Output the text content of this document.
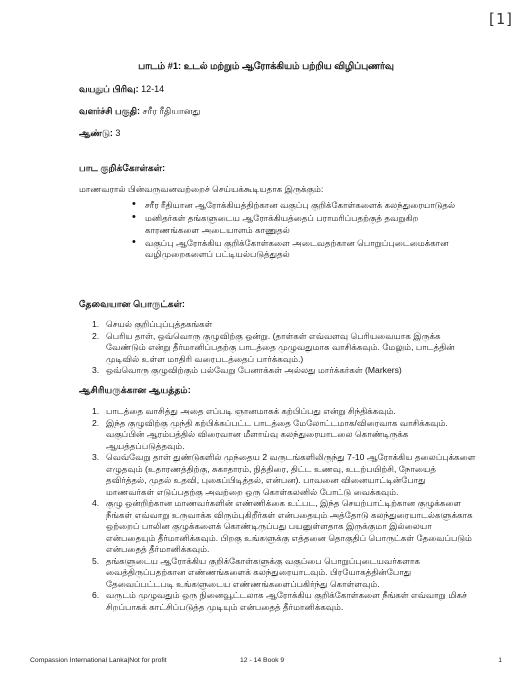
[1]
பாடம் #1: உடல் மற்றும் ஆரோக்கியம் பற்றிய விழிப்புணர்வு
வயதுப் பிரிவு: 12-14
வளர்ச்சி பகுதி: சரீர ரீதியானது
ஆண்டு: 3
பாட குறிக்கோள்கள்:
மாணவரால் பின்வருவனவற்றைச் செய்யக்கூடியதாக இருக்கும்:
• சரீர ரீதியான ஆரோக்கியத்திற்கான வகுப்பு குறிக்கோள்களைக் கலந்துரையாடுதல்
• மனிதர்கள் தங்களுடைய ஆரோக்கியத்தைப் பராமரிப்பதற்குத் தவறுகிற காரணங்களை அடையாளம் காணுதல்
• வகுப்பு ஆரோக்கிய குறிக்கோள்களை அடைவதற்கான பொறுப்புடைமைக்கான வழிமுறைகளைப் பட்டியல்படுத்துதல்
தேவையான பொருட்கள்:
1. செயல் குறிப்புப்புத்தகங்கள்
2. பெரிய தாள், ஒவ்வொரு குழுவிற்கு ஒன்று. (தாள்கள் எவ்வளவு பெரியவையாக இருக்க வேண்டும் என்று தீர்மானிப்பதற்கு பாடத்தை முழுவதுமாக வாசிக்கவும். மேலும், பாடத்தின் முடிவில் உள்ள மாதிரி வரைபடத்தைப் பார்க்கவும்.)
3. ஒவ்வொரு குழுவிற்கும் பல்வேறு பேனாக்கள் அல்லது மார்க்கர்கள் (Markers)
ஆசிரியருக்கான ஆயத்தம்:
1. பாடத்தை வாசித்து அதை எப்படி ஞானமாகக் கற்பிப்பது என்று சிந்திக்கவும்.
2. இந்த குழுவிற்கு முந்தி கற்பிக்கப்பட்ட பாடத்தை மேலோட்டமாக/விரைவாக வாசிக்கவும். வகுப்பின் ஆரம்பத்தில் விரைவான மீளாய்வு கலந்துரையாடலை கொண்டிருக்க ஆயத்தப்படுத்தவும்.
3. வெவ்வேறு தாள் துண்டுகளில் முந்தைய 2 வருடங்களிலிருந்து 7-10 ஆரோக்கிய தலைப்புக்களை எழுதவும் (உதாரணத்திற்கு, சுகாதாரம், நித்திரை, திட்ட உணவு, உடற்பயிற்சி, நோயைத் தவிர்த்தல், முதல் உதவி, புகைப்பிடித்தல், என்பன). பாவனை வினையாட்டின்போது மாணவர்கள் எடுப்பதற்கு அவற்றை ஒரு கொள்கலனில் போட்டு வைக்கவும்.
4. குழு ஒன்றிற்கான மாணவர்களின் எண்ணிக்கை உட்பட, இந்த செயற்பாட்டிற்கான குழுக்களை நீங்கள் எவ்வாறு உருவாக்க விரும்புகிறீர்கள் என்பதையும் அத்தோடு கலந்துரையாடல்களுக்காக ஒற்றைப் பாலின குழுக்களைக் கொண்டிருப்பது பயனுள்ளதாக இருக்குமா இல்லையா என்பதையும் தீர்மானிக்கவும். பிறகு உங்களுக்கு எத்தனை தொகுதிப் பொருட்கள் தேவைப்படும் என்பதைத் தீர்மானிக்கவும்.
5. தங்களுடைய ஆரோக்கிய குறிக்கோள்களுக்கு வகுப்பை பொறுப்புடையவர்களாக வைத்திருப்பதற்கான எண்ணங்களைக் கலந்துரையாடவும். பிரயோகத்தின்போது தேவைப்பட்டபடி உங்களுடைய எண்ணங்களைப்பகிர்ந்து கொள்ளவும்.
6. வருடம் முழுவதும் ஒரு நினைவூட்டலாக ஆரோக்கிய குறிக்கோள்களை நீங்கள் எவ்வாறு மிகச் சிறப்பாகக் காட்சிப்படுத்த முடியும் என்பதைத் தீர்மானிக்கவும்.
Compassion International Lanka|Not for profit	12 - 14 Book 9	1
